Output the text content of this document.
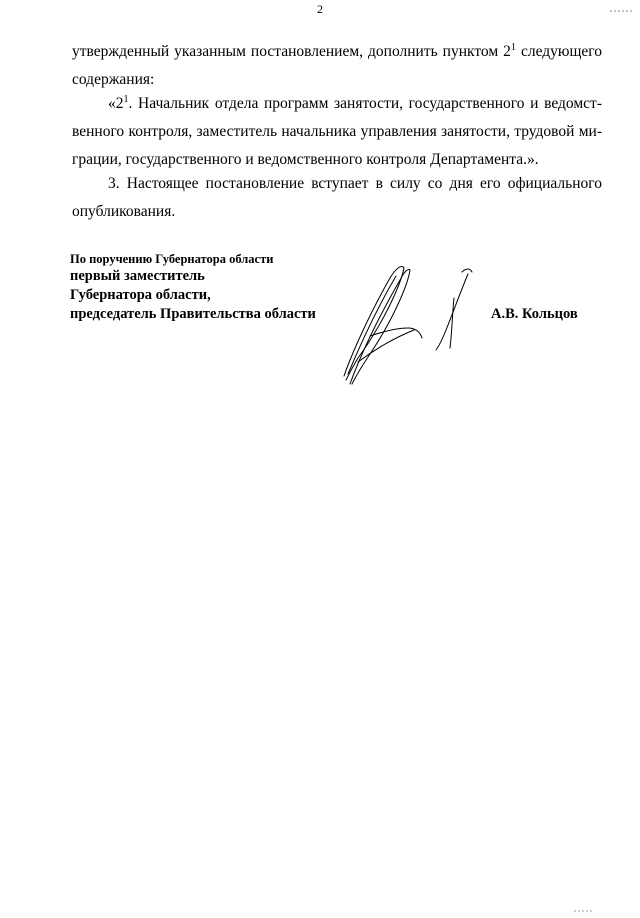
2
утвержденный указанным постановлением, дополнить пунктом $2^1$ следующего
содержания:
«$2^1$. Начальник отдела программ занятости, государственного и ведомст-
венного контроля, заместитель начальника управления занятости, трудовой ми-
грации, государственного и ведомственного контроля Департамента.».
3. Настоящее постановление вступает в силу со дня его официального
опубликования.
По поручению Губернатора области
первый заместитель
Губернатора области,
председатель Правительства области	А.В. Кольцов
